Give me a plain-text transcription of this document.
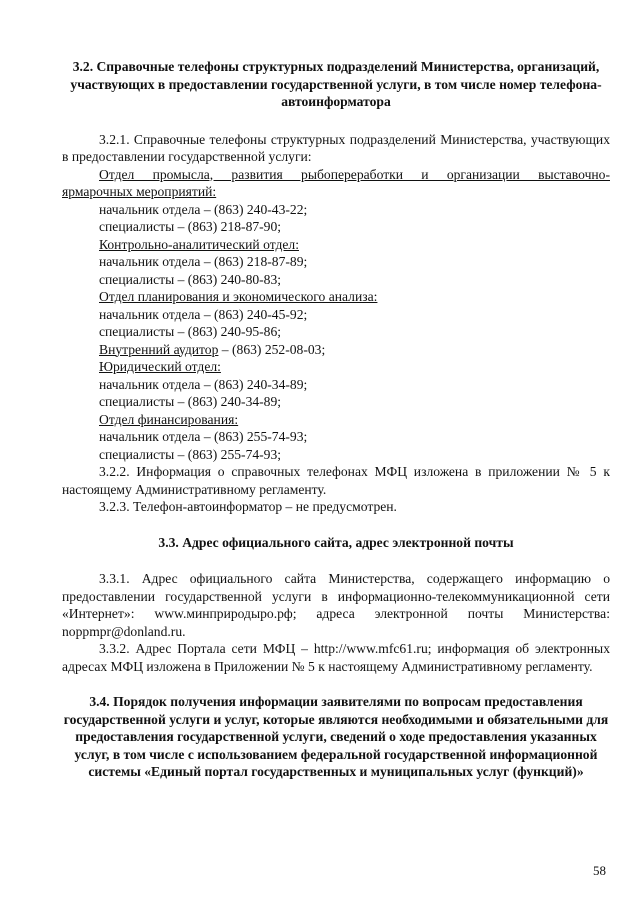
3.2. Справочные телефоны структурных подразделений Министерства, организаций, участвующих в предоставлении государственной услуги, в том числе номер телефона-автоинформатора

3.2.1. Справочные телефоны структурных подразделений Министерства, участвующих в предоставлении государственной услуги:

Отдел промысла, развития рыбопереработки и организации выставочно-

ярмарочных мероприятий:

начальник отдела – (863) 240-43-22;

специалисты – (863) 218-87-90;

Контрольно-аналитический отдел:

начальник отдела – (863) 218-87-89;

специалисты – (863) 240-80-83;

Отдел планирования и экономического анализа:

начальник отдела – (863) 240-45-92;

специалисты – (863) 240-95-86;

Внутренний аудитор – (863) 252-08-03;

Юридический отдел:

начальник отдела – (863) 240-34-89;

специалисты – (863) 240-34-89;

Отдел финансирования:

начальник отдела – (863) 255-74-93;

специалисты – (863) 255-74-93;

3.2.2. Информация о справочных телефонах МФЦ изложена в приложении № 5 к настоящему Административному регламенту.

3.2.3. Телефон-автоинформатор – не предусмотрен.

3.3. Адрес официального сайта, адрес электронной почты

3.3.1. Адрес официального сайта Министерства, содержащего информацию о предоставлении государственной услуги в информационно-телекоммуникационной сети «Интернет»: www.минприродыро.рф; адреса электронной почты Министерства: noppmpr@donland.ru.

3.3.2. Адрес Портала сети МФЦ – http://www.mfc61.ru; информация об электронных адресах МФЦ изложена в Приложении № 5 к настоящему Административному регламенту.

3.4. Порядок получения информации заявителями по вопросам предоставления государственной услуги и услуг, которые являются необходимыми и обязательными для предоставления государственной услуги, сведений о ходе предоставления указанных услуг, в том числе с использованием федеральной государственной информационной системы «Единый портал государственных и муниципальных услуг (функций)»

58
